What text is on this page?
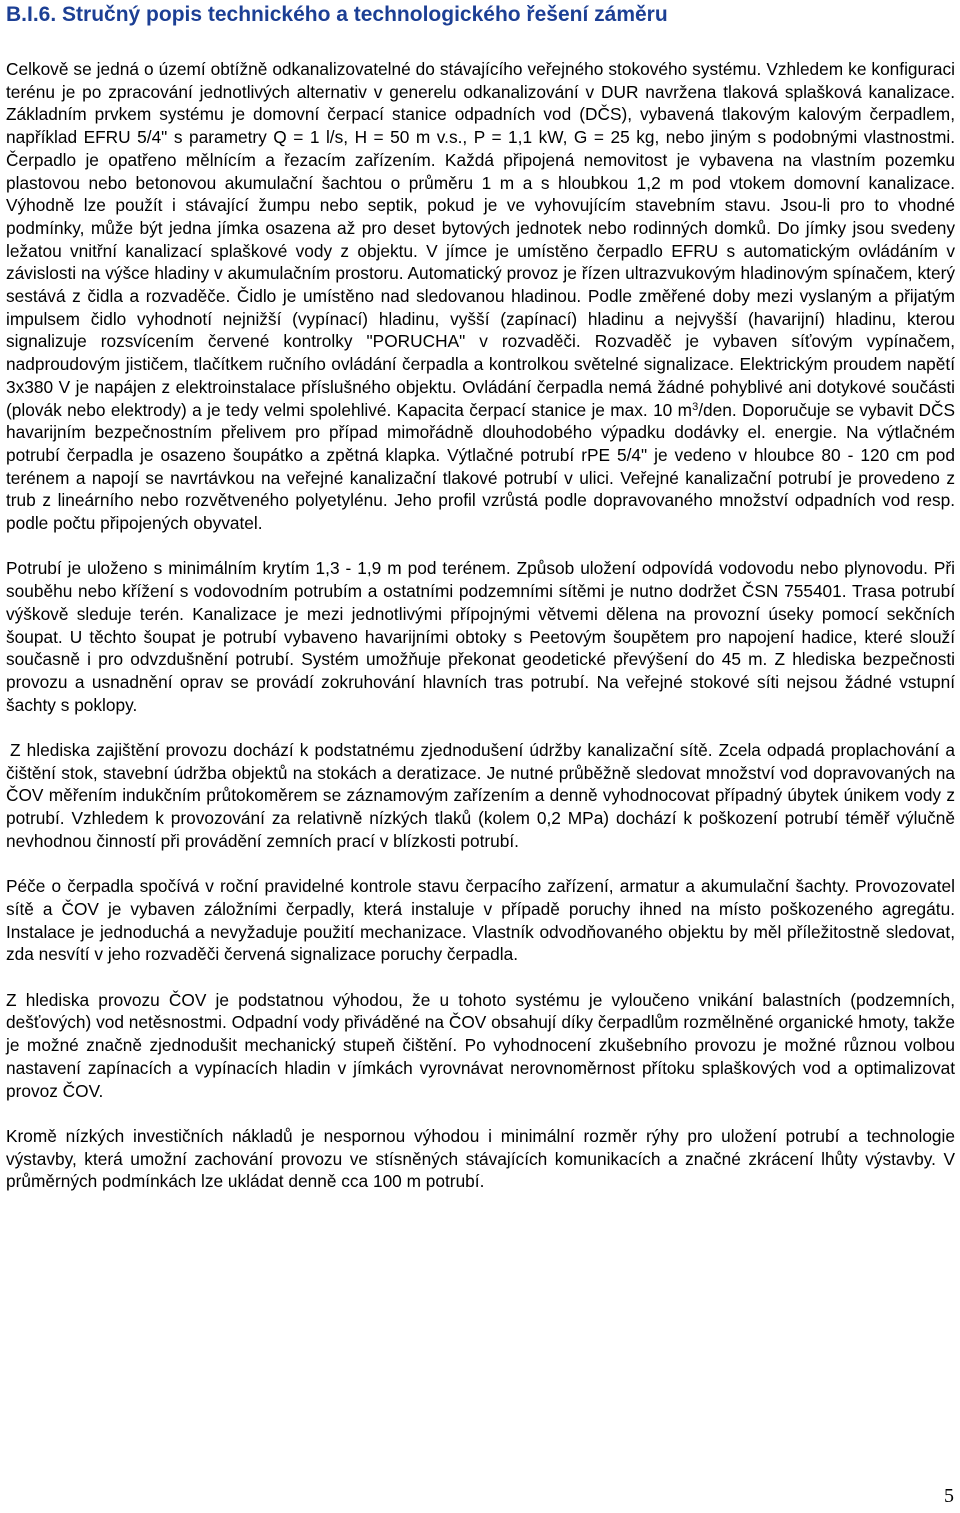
B.I.6. Stručný popis technického a technologického řešení záměru

Celkově se jedná o území obtížně odkanalizovatelné do stávajícího veřejného stokového systému. Vzhledem ke konfiguraci terénu je po zpracování jednotlivých alternativ v generelu odkanalizování v DUR navržena tlaková splašková kanalizace. Základním prvkem systému je domovní čerpací stanice odpadních vod (DČS), vybavená tlakovým kalovým čerpadlem, například EFRU 5/4" s parametry Q = 1 l/s, H = 50 m v.s., P = 1,1 kW, G = 25 kg, nebo jiným s podobnými vlastnostmi. Čerpadlo je opatřeno mělnícím a řezacím zařízením. Každá připojená nemovitost je vybavena na vlastním pozemku plastovou nebo betonovou akumulační šachtou o průměru 1 m a s hloubkou 1,2 m pod vtokem domovní kanalizace. Výhodně lze použít i stávající žumpu nebo septik, pokud je ve vyhovujícím stavebním stavu. Jsou-li pro to vhodné podmínky, může být jedna jímka osazena až pro deset bytových jednotek nebo rodinných domků. Do jímky jsou svedeny ležatou vnitřní kanalizací splaškové vody z objektu. V jímce je umístěno čerpadlo EFRU s automatickým ovládáním v závislosti na výšce hladiny v akumulačním prostoru. Automatický provoz je řízen ultrazvukovým hladinovým spínačem, který sestává z čidla a rozvaděče. Čidlo je umístěno nad sledovanou hladinou. Podle změřené doby mezi vyslaným a přijatým impulsem čidlo vyhodnotí nejnižší (vypínací) hladinu, vyšší (zapínací) hladinu a nejvyšší (havarijní) hladinu, kterou signalizuje rozsvícením červené kontrolky "PORUCHA" v rozvaděči. Rozvaděč je vybaven síťovým vypínačem, nadproudovým jističem, tlačítkem ručního ovládání čerpadla a kontrolkou světelné signalizace. Elektrickým proudem napětí 3x380 V je napájen z elektroinstalace příslušného objektu. Ovládání čerpadla nemá žádné pohyblivé ani dotykové součásti (plovák nebo elektrody) a je tedy velmi spolehlivé. Kapacita čerpací stanice je max. 10 $m^3$/den. Doporučuje se vybavit DČS havarijním bezpečnostním přelivem pro případ mimořádně dlouhodobého výpadku dodávky el. energie. Na výtlačném potrubí čerpadla je osazeno šoupátko a zpětná klapka. Výtlačné potrubí rPE 5/4" je vedeno v hloubce 80 - 120 cm pod terénem a napojí se navrtávkou na veřejné kanalizační tlakové potrubí v ulici. Veřejné kanalizační potrubí je provedeno z trub z lineárního nebo rozvětveného polyetylénu. Jeho profil vzrůstá podle dopravovaného množství odpadních vod resp. podle počtu připojených obyvatel.

Potrubí je uloženo s minimálním krytím 1,3 - 1,9 m pod terénem. Způsob uložení odpovídá vodovodu nebo plynovodu. Při souběhu nebo křížení s vodovodním potrubím a ostatními podzemními sítěmi je nutno dodržet ČSN 755401. Trasa potrubí výškově sleduje terén. Kanalizace je mezi jednotlivými přípojnými větvemi dělena na provozní úseky pomocí sekčních šoupat. U těchto šoupat je potrubí vybaveno havarijními obtoky s Peetovým šoupětem pro napojení hadice, které slouží současně i pro odvzdušnění potrubí. Systém umožňuje překonat geodetické převýšení do 45 m. Z hlediska bezpečnosti provozu a usnadnění oprav se provádí zokruhování hlavních tras potrubí. Na veřejné stokové síti nejsou žádné vstupní šachty s poklopy.

Z hlediska zajištění provozu dochází k podstatnému zjednodušení údržby kanalizační sítě. Zcela odpadá proplachování a čištění stok, stavební údržba objektů na stokách a deratizace. Je nutné průběžně sledovat množství vod dopravovaných na ČOV měřením indukčním průtokoměrem se záznamovým zařízením a denně vyhodnocovat případný úbytek únikem vody z potrubí. Vzhledem k provozování za relativně nízkých tlaků (kolem 0,2 MPa) dochází k poškození potrubí téměř výlučně nevhodnou činností při provádění zemních prací v blízkosti potrubí.

Péče o čerpadla spočívá v roční pravidelné kontrole stavu čerpacího zařízení, armatur a akumulační šachty. Provozovatel sítě a ČOV je vybaven záložními čerpadly, která instaluje v případě poruchy ihned na místo poškozeného agregátu. Instalace je jednoduchá a nevyžaduje použití mechanizace. Vlastník odvodňovaného objektu by měl příležitostně sledovat, zda nesvítí v jeho rozvaděči červená signalizace poruchy čerpadla.

Z hlediska provozu ČOV je podstatnou výhodou, že u tohoto systému je vyloučeno vnikání balastních (podzemních, dešťových) vod netěsnostmi. Odpadní vody přiváděné na ČOV obsahují díky čerpadlům rozmělněné organické hmoty, takže je možné značně zjednodušit mechanický stupeň čištění. Po vyhodnocení zkušebního provozu je možné různou volbou nastavení zapínacích a vypínacích hladin v jímkách vyrovnávat nerovnoměrnost přítoku splaškových vod a optimalizovat provoz ČOV.

Kromě nízkých investičních nákladů je nespornou výhodou i minimální rozměr rýhy pro uložení potrubí a technologie výstavby, která umožní zachování provozu ve stísněných stávajících komunikacích a značné zkrácení lhůty výstavby. V průměrných podmínkách lze ukládat denně cca 100 m potrubí.

5
